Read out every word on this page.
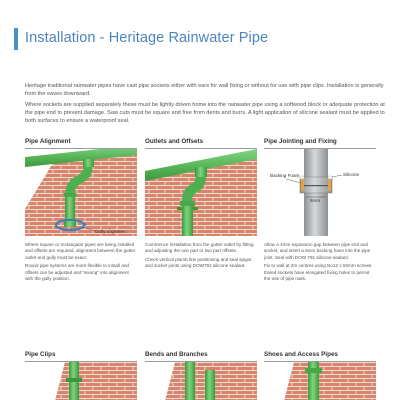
Installation - Heritage Rainwater Pipe

Heritage traditional rainwater pipes have cast pipe sockets either with ears for wall fixing or without for use with pipe clips. Installation is generally from the eaves downward.

Where sockets are supplied separately these must be lightly driven home into the rainwater pipe using a softwood block or adequate protection at the pipe end to prevent damage. Saw cuts must be square and free from dents and burrs. A light application of silicone sealant must be applied to both surfaces to ensure a waterproof seal.

Pipe Alignment	Outlets and Offsets	Pipe Jointing and Fixing
Gully alignment
Backing Foam	Silicone
6mm

Where square or rectangular pipes are being installed and offsets are required, alignment between the gutter outlet and gully must be exact.

Round pipe systems are more flexible to install and offsets can be adjusted and "swung" into alignment with the gully position.

Commence installation from the gutter outlet by fitting and adjusting the one part or two part offsets.

Check vertical plumb line positioning and seal spigot and socket joints using DOW791 silicone sealant.

Allow a 4mm expansion gap between pipe end and socket, and insert a 6mm backing foam into the pipe joint. Seal with DOW 791 silicone sealant.

Fix to wall at 2m centres using No12 x 50mm screws. Eared sockets have elongated fixing holes to permit the use of pipe nails.

Pipe Clips	Bends and Branches	Shoes and Access Pipes
